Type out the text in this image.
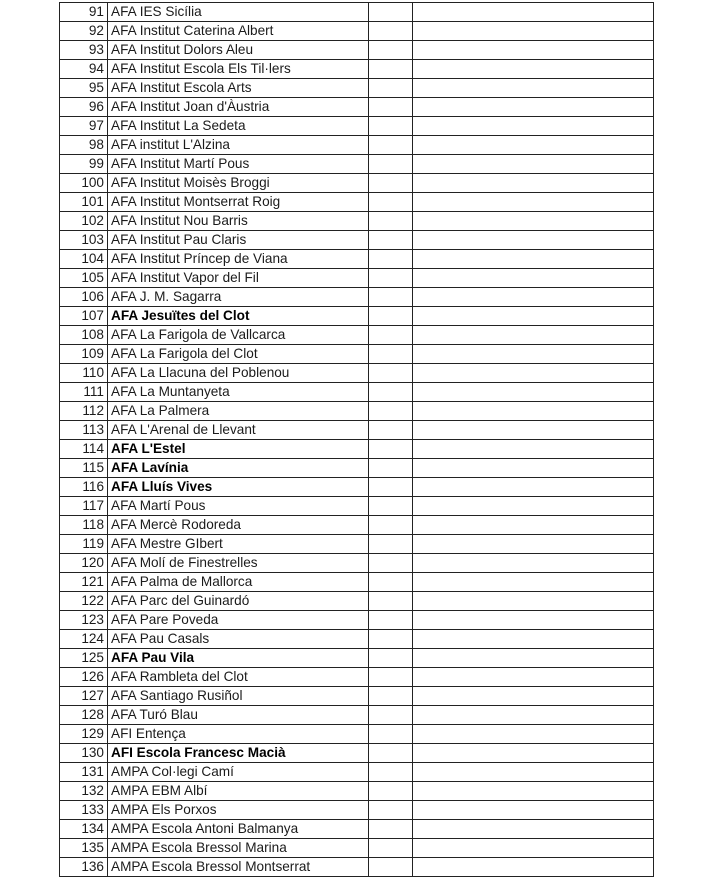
91	AFA IES Sicília		
92	AFA Institut Caterina Albert		
93	AFA Institut Dolors Aleu		
94	AFA Institut Escola Els Til·lers		
95	AFA Institut Escola Arts		
96	AFA Institut Joan d'Àustria		
97	AFA Institut La Sedeta		
98	AFA institut L'Alzina		
99	AFA Institut Martí Pous		
100	AFA Institut Moisès Broggi		
101	AFA Institut Montserrat Roig		
102	AFA Institut Nou Barris		
103	AFA Institut Pau Claris		
104	AFA Institut Príncep de Viana		
105	AFA Institut Vapor del Fil		
106	AFA J. M. Sagarra		
107	AFA Jesuïtes del Clot		
108	AFA La Farigola de Vallcarca		
109	AFA La Farigola del Clot		
110	AFA La Llacuna del Poblenou		
111	AFA La Muntanyeta		
112	AFA La Palmera		
113	AFA L'Arenal de Llevant		
114	AFA L'Estel		
115	AFA Lavínia		
116	AFA Lluís Vives		
117	AFA Martí Pous		
118	AFA Mercè Rodoreda		
119	AFA Mestre GIbert		
120	AFA Molí de Finestrelles		
121	AFA Palma de Mallorca		
122	AFA Parc del Guinardó		
123	AFA Pare Poveda		
124	AFA Pau Casals		
125	AFA Pau Vila		
126	AFA Rambleta del Clot		
127	AFA Santiago Rusiñol		
128	AFA Turó Blau		
129	AFI Entença		
130	AFI Escola Francesc Macià		
131	AMPA Col·legi Camí		
132	AMPA EBM Albí		
133	AMPA Els Porxos		
134	AMPA Escola Antoni Balmanya		
135	AMPA Escola Bressol Marina		
136	AMPA Escola Bressol Montserrat		
